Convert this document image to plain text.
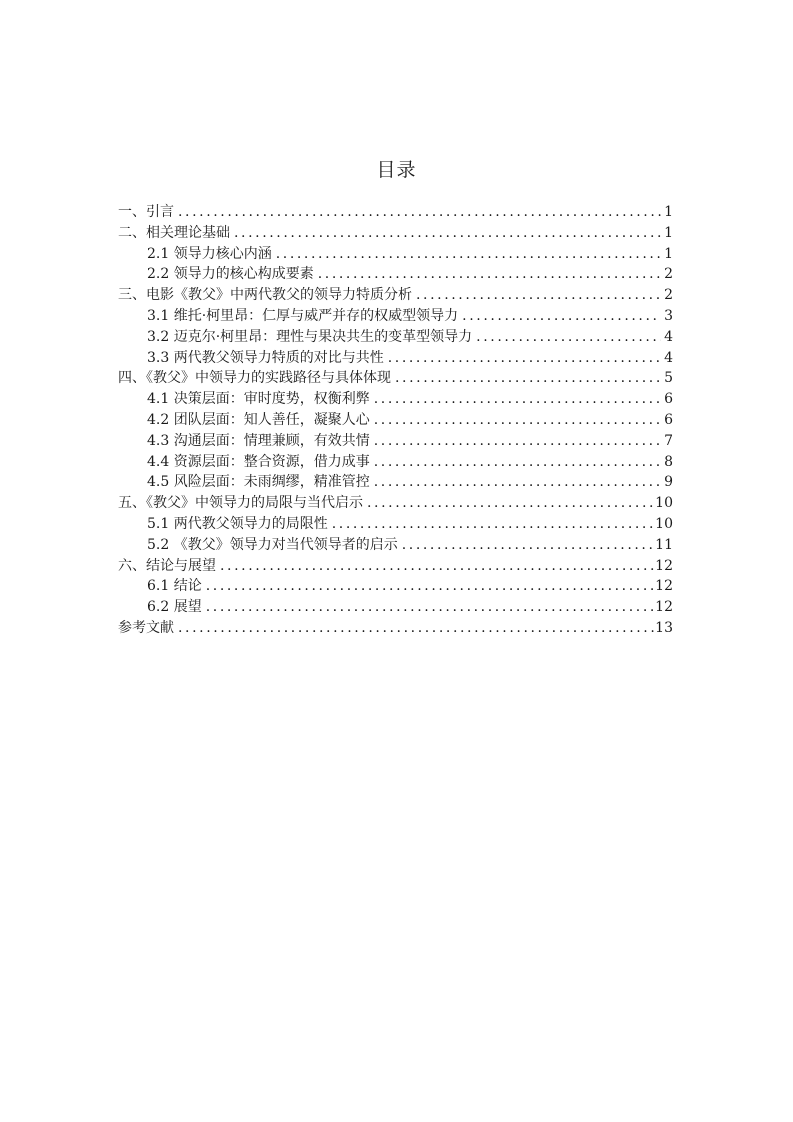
目录
一、引言 .....	1
二、相关理论基础 .....	1
2.1 领导力核心内涵 .....	1
2.2 领导力的核心构成要素 .....	2
三、电影《教父》中两代教父的领导力特质分析 .....	2
3.1 维托·柯里昂：仁厚与威严并存的权威型领导力 .....	3
3.2 迈克尔·柯里昂：理性与果决共生的变革型领导力 .....	4
3.3 两代教父领导力特质的对比与共性 .....	4
四、《教父》中领导力的实践路径与具体体现 .....	5
4.1 决策层面：审时度势，权衡利弊 .....	6
4.2 团队层面：知人善任，凝聚人心 .....	6
4.3 沟通层面：情理兼顾，有效共情 .....	7
4.4 资源层面：整合资源，借力成事 .....	8
4.5 风险层面：未雨绸缪，精准管控 .....	9
五、《教父》中领导力的局限与当代启示 .....	10
5.1 两代教父领导力的局限性 .....	10
5.2 《教父》领导力对当代领导者的启示 .....	11
六、结论与展望 .....	12
6.1 结论 .....	12
6.2 展望 .....	12
参考文献 .....	13
